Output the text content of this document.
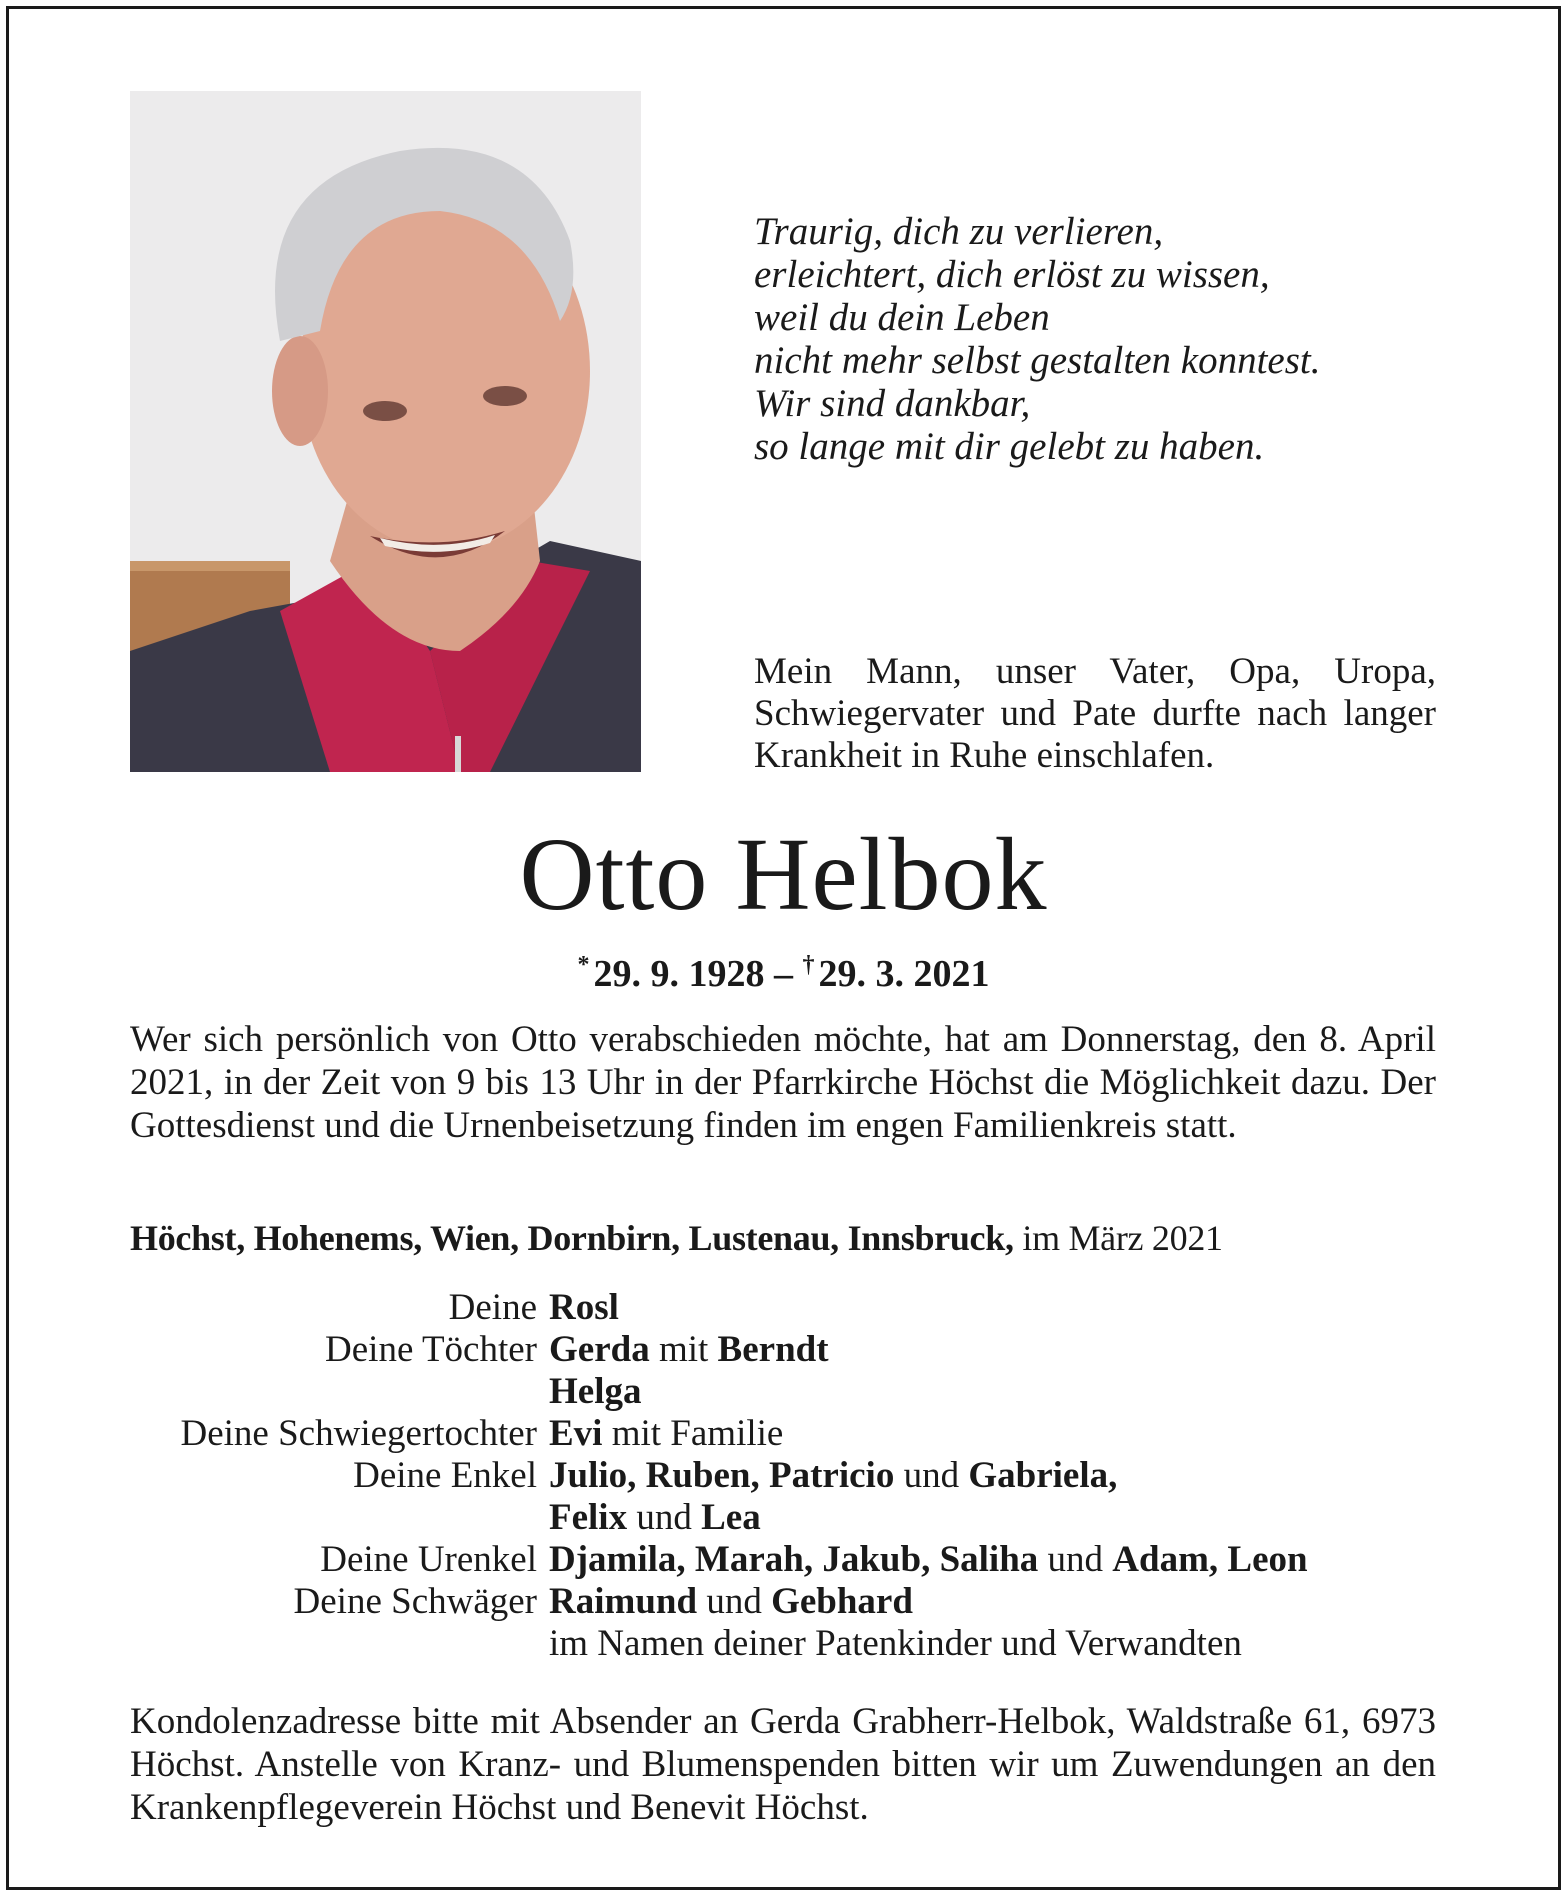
Traurig, dich zu verlieren,
erleichtert, dich erlöst zu wissen,
weil du dein Leben
nicht mehr selbst gestalten konntest.
Wir sind dankbar,
so lange mit dir gelebt zu haben.
Mein Mann, unser Vater, Opa, Uropa, Schwiegervater und Pate durfte nach langer Krankheit in Ruhe einschlafen.
Otto Helbok
* 29. 9. 1928 – † 29. 3. 2021
Wer sich persönlich von Otto verabschieden möchte, hat am Donnerstag, den 8. April 2021, in der Zeit von 9 bis 13 Uhr in der Pfarrkirche Höchst die Möglichkeit dazu. Der Gottesdienst und die Urnenbeisetzung finden im engen Familienkreis statt.
Höchst, Hohenems, Wien, Dornbirn, Lustenau, Innsbruck, im März 2021
Deine Rosl
Deine Töchter Gerda mit Berndt
Helga
Deine Schwiegertochter Evi mit Familie
Deine Enkel Julio, Ruben, Patricio und Gabriela,
Felix und Lea
Deine Urenkel Djamila, Marah, Jakub, Saliha und Adam, Leon
Deine Schwäger Raimund und Gebhard
im Namen deiner Patenkinder und Verwandten
Kondolenzadresse bitte mit Absender an Gerda Grabherr-Helbok, Waldstraße 61, 6973 Höchst. Anstelle von Kranz- und Blumenspenden bitten wir um Zuwendungen an den Krankenpflegeverein Höchst und Benevit Höchst.
